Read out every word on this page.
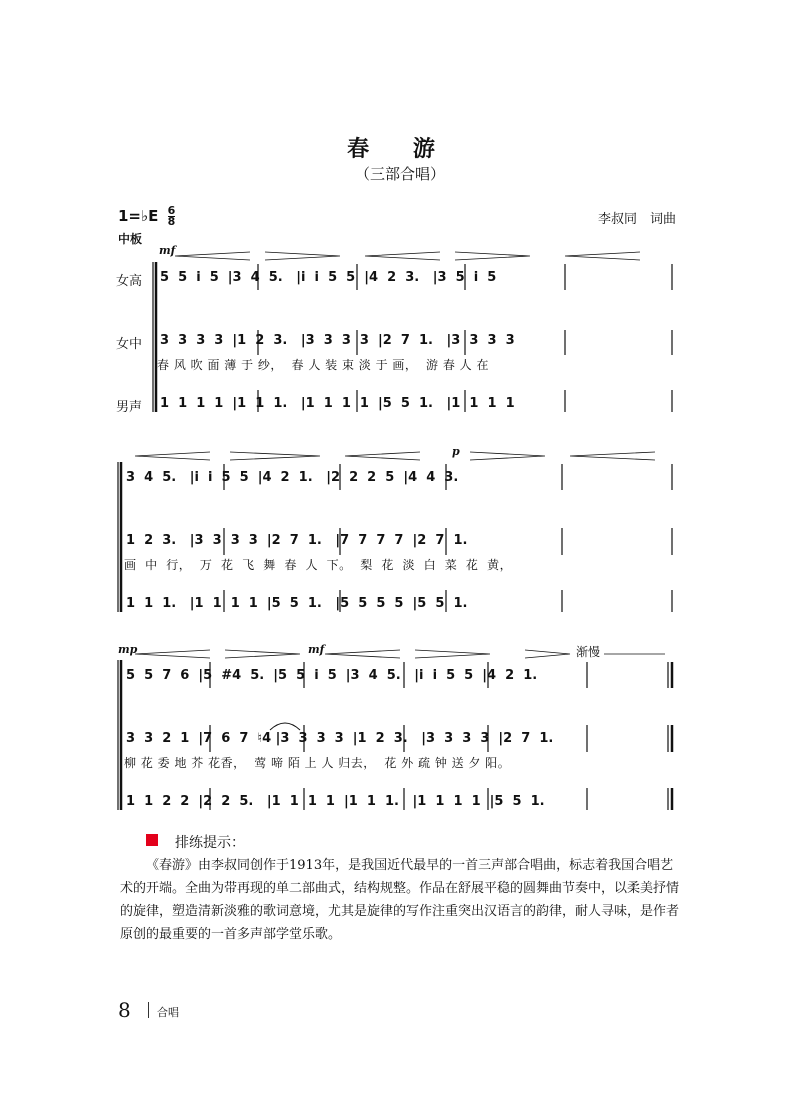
春 游
（三部合唱）
1=♭E $\frac{6}{8}$
中板
李叔同　词曲
女高
女中
男声
mf
5  5  i  5  |3  4  5.   |i  i  5  5  |4  2  3.   |3  5  i  5
3  3  3  3  |1  2  3.   |3  3  3  3  |2  7  1.   |3  3  3  3
春 风 吹 面 薄 于 纱，  春 人 装 束 淡 于 画，  游 春 人 在
1  1  1  1  |1  1  1.   |1  1  1  1  |5  5  1.   |1  1  1  1
p
3  4  5.   |i  i  5  5  |4  2  1.   |2  2  2  5  |4  4  3.
1  2  3.   |3  3  3  3  |2  7  1.   |7  7  7  7  |2  7  1.
画  中  行，  万  花  飞  舞  春  人  下。  梨  花  淡  白  菜  花  黄，
1  1  1.   |1  1  1  1  |5  5  1.   |5  5  5  5  |5  5  1.
mp	mf	渐慢
5  5  7  6  |5  #4  5.  |5  5  i  5  |3  4  5.   |i  i  5  5  |4  2  1.
3  3  2  1  |7  6  7  ♮4 |3  3  3  3  |1  2  3.   |3  3  3  3  |2  7  1.
柳 花 委 地 芥 花香，  莺 啼 陌 上 人 归去，  花 外 疏 钟 送 夕 阳。
1  1  2  2  |2  2  5.   |1  1  1  1  |1  1  1.   |1  1  1  1  |5  5  1.
排练提示：
《春游》由李叔同创作于1913年，是我国近代最早的一首三声部合唱曲，标志着我国合唱艺术的开端。全曲为带再现的单二部曲式，结构规整。作品在舒展平稳的圆舞曲节奏中，以柔美抒情的旋律，塑造清新淡雅的歌词意境，尤其是旋律的写作注重突出汉语言的韵律，耐人寻味，是作者原创的最重要的一首多声部学堂乐歌。
8 合唱
